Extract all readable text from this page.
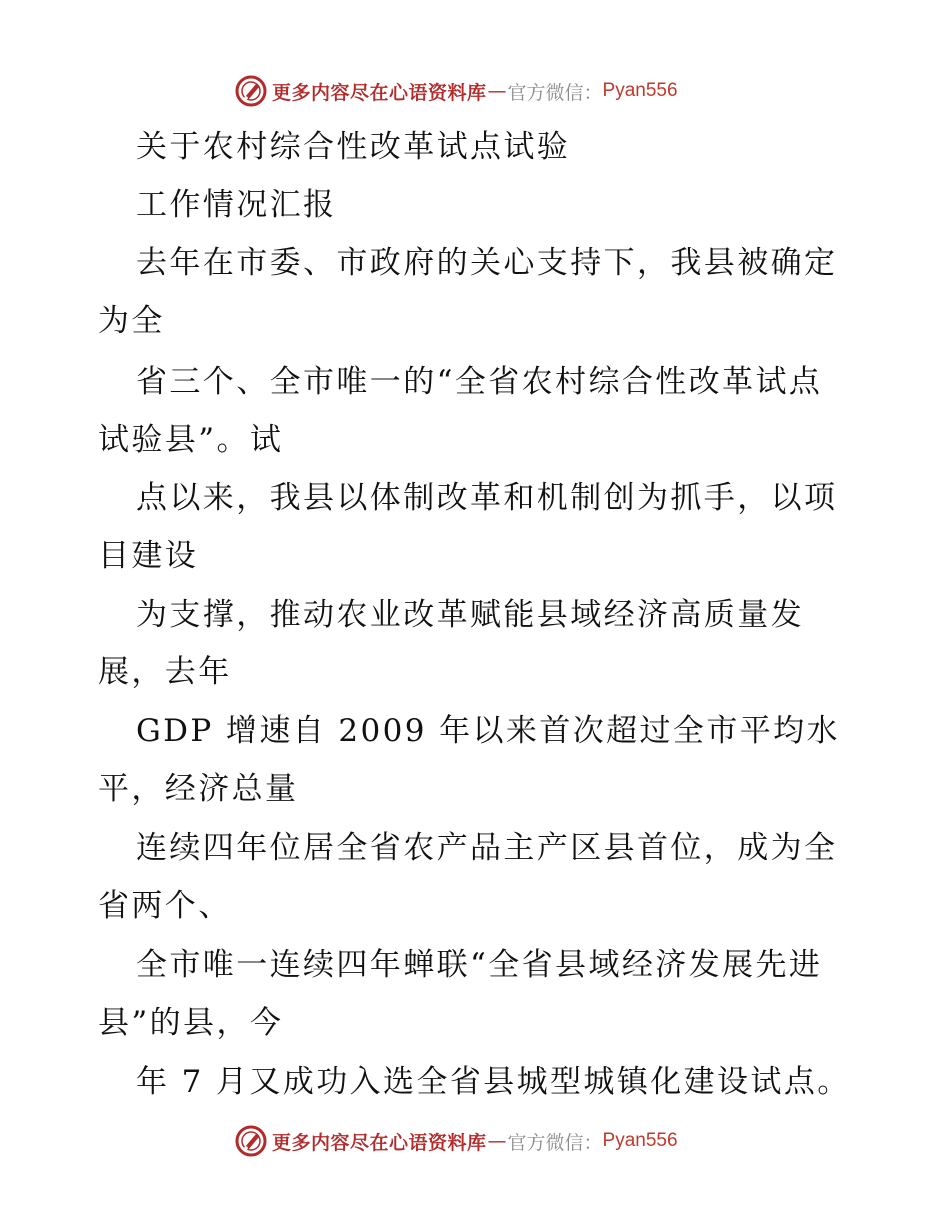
更多内容尽在心语资料库 — 官方微信： Pyan556
关于农村综合性改革试点试验
工作情况汇报
去年在市委、市政府的关心支持下，我县被确定
为全
省三个、全市唯一的“全省农村综合性改革试点
试验县”。试
点以来，我县以体制改革和机制创为抓手，以项
目建设
为支撑，推动农业改革赋能县域经济高质量发
展，去年
GDP 增速自 2009 年以来首次超过全市平均水
平，经济总量
连续四年位居全省农产品主产区县首位，成为全
省两个、
全市唯一连续四年蝉联“全省县域经济发展先进
县”的县，今
年 7 月又成功入选全省县城型城镇化建设试点。
更多内容尽在心语资料库 — 官方微信： Pyan556
